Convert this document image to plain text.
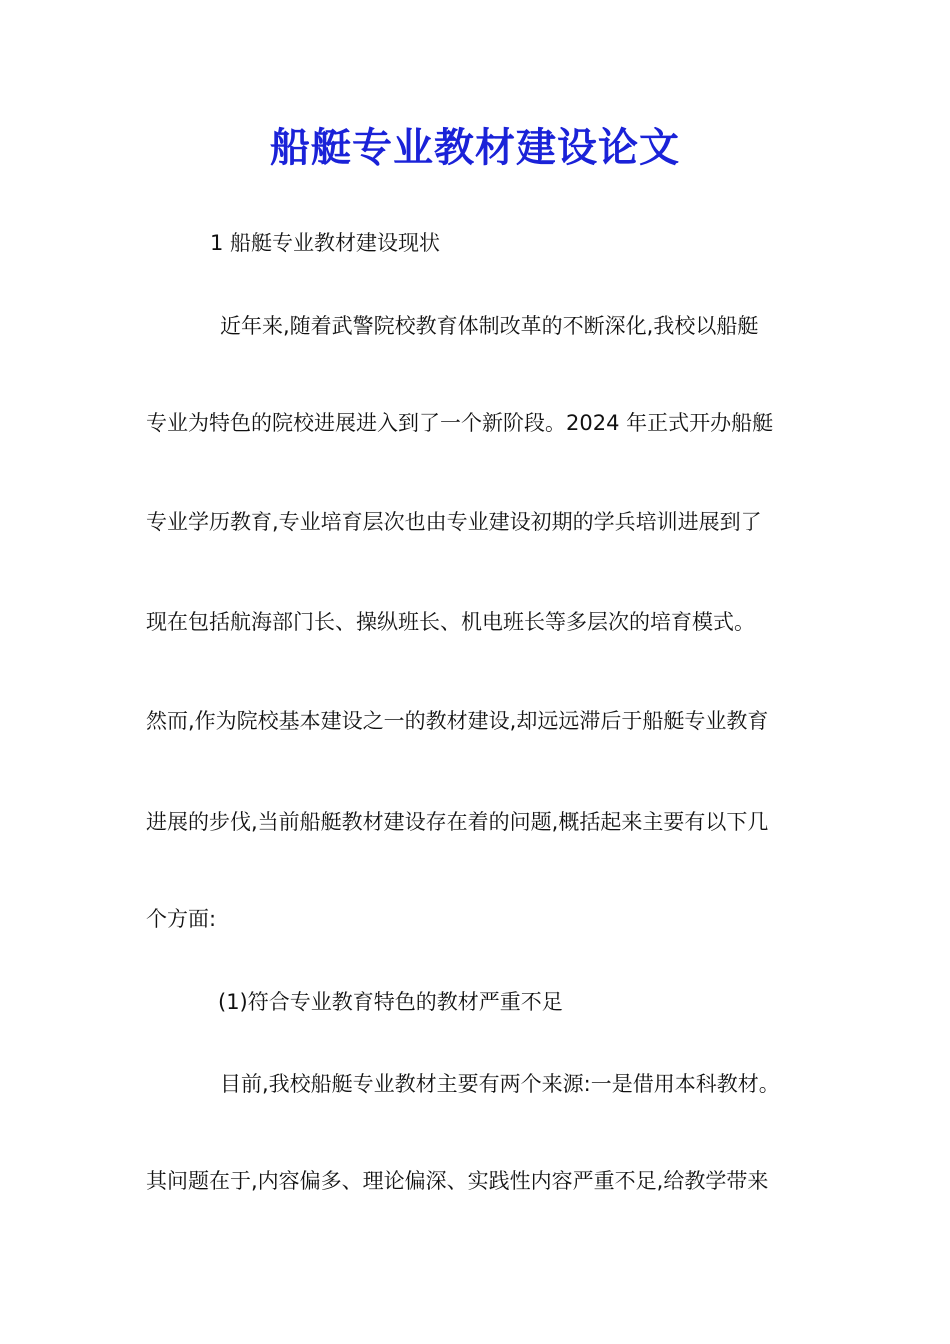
船艇专业教材建设论文
1 船艇专业教材建设现状
近年来,随着武警院校教育体制改革的不断深化,我校以船艇
专业为特色的院校进展进入到了一个新阶段。2024 年正式开办船艇
专业学历教育,专业培育层次也由专业建设初期的学兵培训进展到了
现在包括航海部门长、操纵班长、机电班长等多层次的培育模式。
然而,作为院校基本建设之一的教材建设,却远远滞后于船艇专业教育
进展的步伐,当前船艇教材建设存在着的问题,概括起来主要有以下几
个方面:
(1)符合专业教育特色的教材严重不足
目前,我校船艇专业教材主要有两个来源:一是借用本科教材。
其问题在于,内容偏多、理论偏深、实践性内容严重不足,给教学带来
